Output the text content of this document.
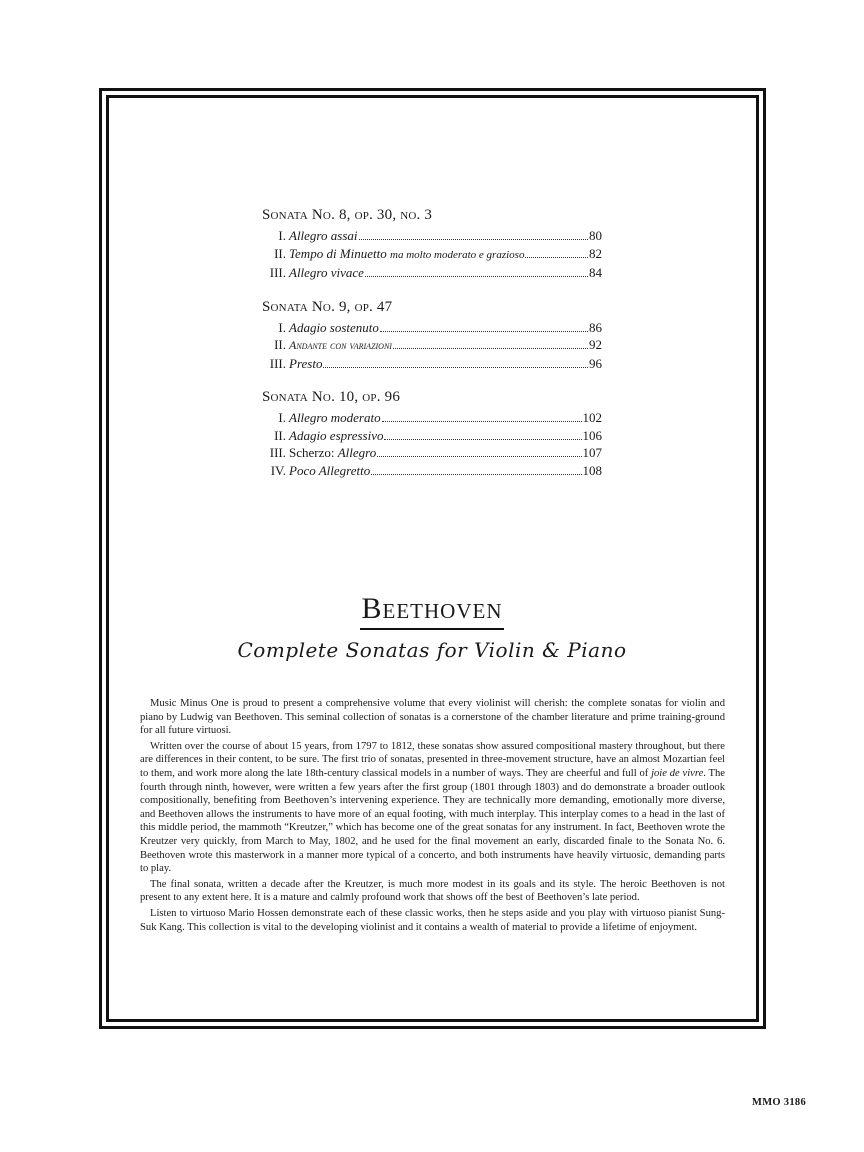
Sonata No. 8, op. 30, no. 3
I. Allegro assai	80
II. Tempo di Minuetto ma molto moderato e grazioso	82
III. Allegro vivace	84
Sonata No. 9, op. 47
I. Adagio sostenuto	86
II. Andante con variazioni	92
III. Presto	96
Sonata No. 10, op. 96
I. Allegro moderato	102
II. Adagio espressivo	106
III. Scherzo: Allegro	107
IV. Poco Allegretto	108
Beethoven
Complete Sonatas for Violin & Piano

Music Minus One is proud to present a comprehensive volume that every violinist will cherish: the complete sonatas for violin and piano by Ludwig van Beethoven. This seminal collection of sonatas is a cornerstone of the chamber literature and prime training-ground for all future virtuosi.

Written over the course of about 15 years, from 1797 to 1812, these sonatas show assured compositional mastery throughout, but there are differences in their content, to be sure. The first trio of sonatas, presented in three-movement structure, have an almost Mozartian feel to them, and work more along the late 18th-century classical models in a number of ways. They are cheerful and full of joie de vivre. The fourth through ninth, however, were written a few years after the first group (1801 through 1803) and do demonstrate a broader outlook compositionally, benefiting from Beethoven’s intervening experience. They are technically more demanding, emotionally more diverse, and Beethoven allows the instruments to have more of an equal footing, with much interplay. This interplay comes to a head in the last of this middle period, the mammoth “Kreutzer,” which has become one of the great sonatas for any instrument. In fact, Beethoven wrote the Kreutzer very quickly, from March to May, 1802, and he used for the final movement an early, discarded finale to the Sonata No. 6. Beethoven wrote this masterwork in a manner more typical of a concerto, and both instruments have heavily virtuosic, demanding parts to play.

The final sonata, written a decade after the Kreutzer, is much more modest in its goals and its style. The heroic Beethoven is not present to any extent here. It is a mature and calmly profound work that shows off the best of Beethoven’s late period.

Listen to virtuoso Mario Hossen demonstrate each of these classic works, then he steps aside and you play with virtuoso pianist Sung-Suk Kang. This collection is vital to the developing violinist and it contains a wealth of material to provide a lifetime of enjoyment.

MMO 3186
